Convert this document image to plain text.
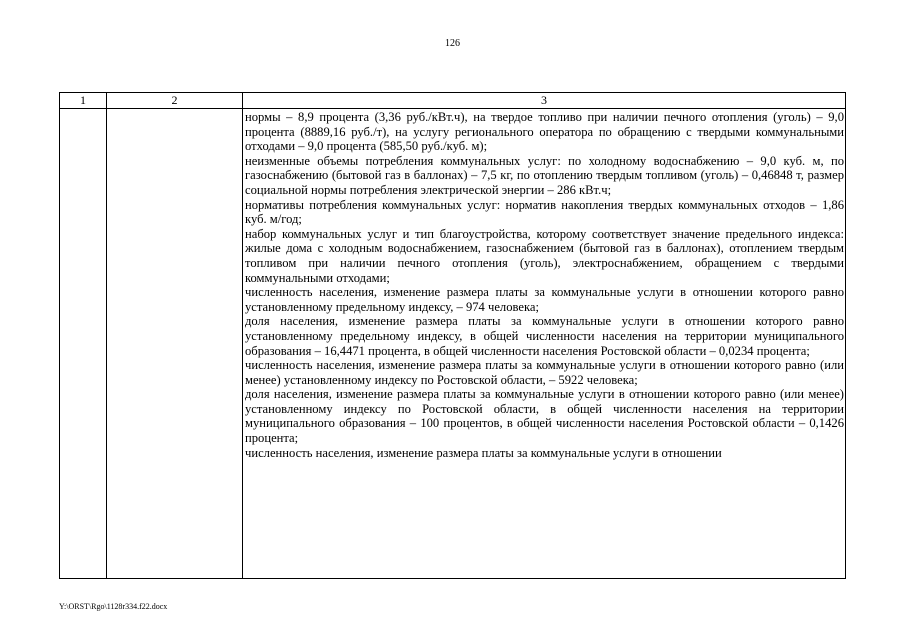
126
1	2	3

нормы – 8,9 процента (3,36 руб./кВт.ч), на твердое топливо при наличии печного отопления (уголь) – 9,0 процента (8889,16 руб./т), на услугу регионального оператора по обращению с твердыми коммунальными отходами – 9,0 процента (585,50 руб./куб. м);

неизменные объемы потребления коммунальных услуг: по холодному водоснабжению – 9,0 куб. м, по газоснабжению (бытовой газ в баллонах) – 7,5 кг, по отоплению твердым топливом (уголь) – 0,46848 т, размер социальной нормы потребления электрической энергии – 286 кВт.ч;

нормативы потребления коммунальных услуг: норматив накопления твердых коммунальных отходов – 1,86 куб. м/год;

набор коммунальных услуг и тип благоустройства, которому соответствует значение предельного индекса: жилые дома с холодным водоснабжением, газоснабжением (бытовой газ в баллонах), отоплением твердым топливом при наличии печного отопления (уголь), электроснабжением, обращением с твердыми коммунальными отходами;

численность населения, изменение размера платы за коммунальные услуги в отношении которого равно установленному предельному индексу, – 974 человека;

доля населения, изменение размера платы за коммунальные услуги в отношении которого равно установленному предельному индексу, в общей численности населения на территории муниципального образования – 16,4471 процента, в общей численности населения Ростовской области – 0,0234 процента;

численность населения, изменение размера платы за коммунальные услуги в отношении которого равно (или менее) установленному индексу по Ростовской области, – 5922 человека;

доля населения, изменение размера платы за коммунальные услуги в отношении которого равно (или менее) установленному индексу по Ростовской области, в общей численности населения на территории муниципального образования – 100 процентов, в общей численности населения Ростовской области – 0,1426 процента;

численность населения, изменение размера платы за коммунальные услуги в отношении

Y:\ORST\Rgo\1128r334.f22.docx
